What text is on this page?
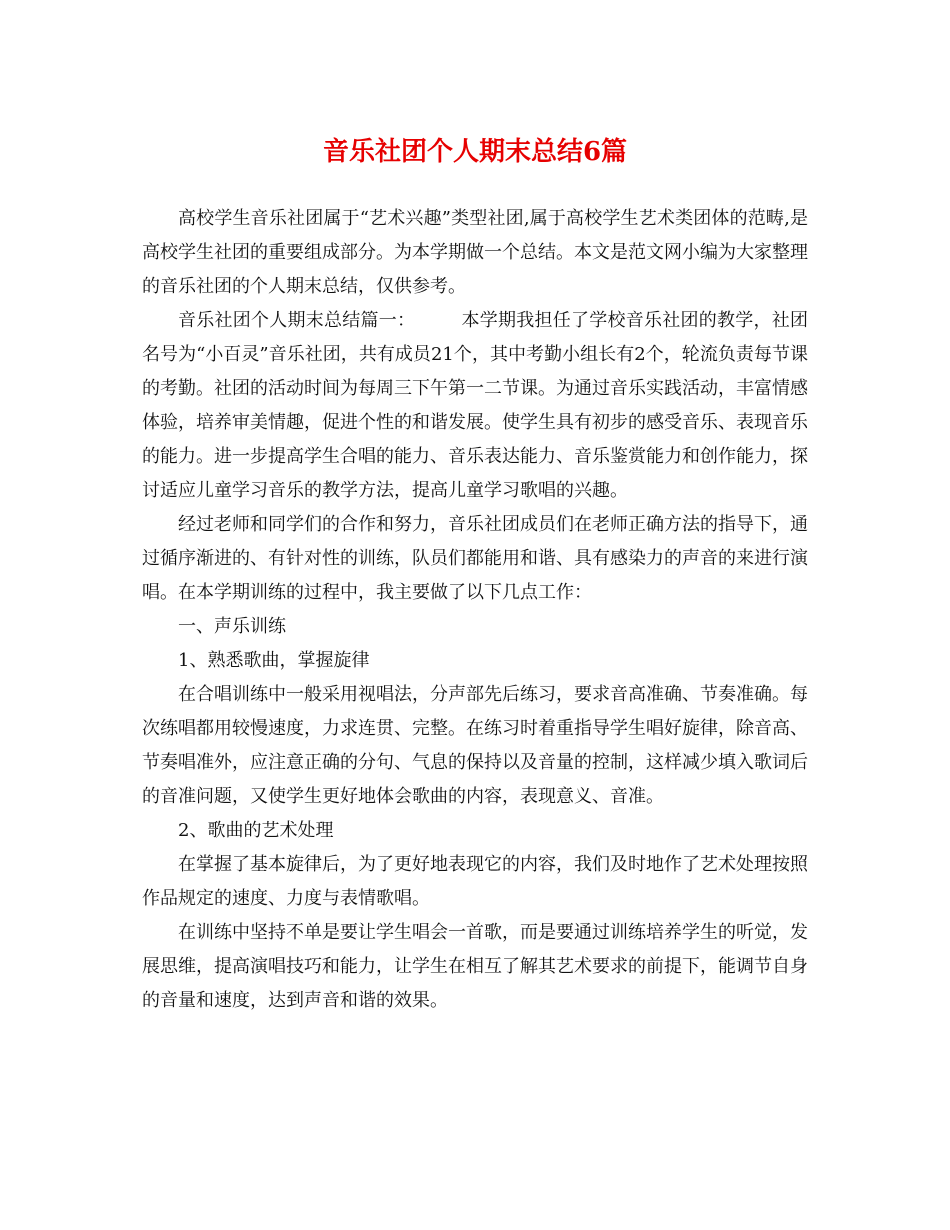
音乐社团个人期末总结6篇

高校学生音乐社团属于“艺术兴趣”类型社团,属于高校学生艺术类团体的范畴,是高校学生社团的重要组成部分。为本学期做一个总结。本文是范文网小编为大家整理的音乐社团的个人期末总结，仅供参考。

音乐社团个人期末总结篇一：	本学期我担任了学校音乐社团的教学，社团名号为“小百灵”音乐社团，共有成员21个，其中考勤小组长有2个，轮流负责每节课的考勤。社团的活动时间为每周三下午第一二节课。为通过音乐实践活动，丰富情感体验，培养审美情趣，促进个性的和谐发展。使学生具有初步的感受音乐、表现音乐的能力。进一步提高学生合唱的能力、音乐表达能力、音乐鉴赏能力和创作能力，探讨适应儿童学习音乐的教学方法，提高儿童学习歌唱的兴趣。

经过老师和同学们的合作和努力，音乐社团成员们在老师正确方法的指导下，通过循序渐进的、有针对性的训练，队员们都能用和谐、具有感染力的声音的来进行演唱。在本学期训练的过程中，我主要做了以下几点工作：

一、声乐训练

1、熟悉歌曲，掌握旋律

在合唱训练中一般采用视唱法，分声部先后练习，要求音高准确、节奏准确。每次练唱都用较慢速度，力求连贯、完整。在练习时着重指导学生唱好旋律，除音高、节奏唱准外，应注意正确的分句、气息的保持以及音量的控制，这样减少填入歌词后的音准问题，又使学生更好地体会歌曲的内容，表现意义、音准。

2、歌曲的艺术处理

在掌握了基本旋律后，为了更好地表现它的内容，我们及时地作了艺术处理按照作品规定的速度、力度与表情歌唱。

在训练中坚持不单是要让学生唱会一首歌，而是要通过训练培养学生的听觉，发展思维，提高演唱技巧和能力，让学生在相互了解其艺术要求的前提下，能调节自身的音量和速度，达到声音和谐的效果。
